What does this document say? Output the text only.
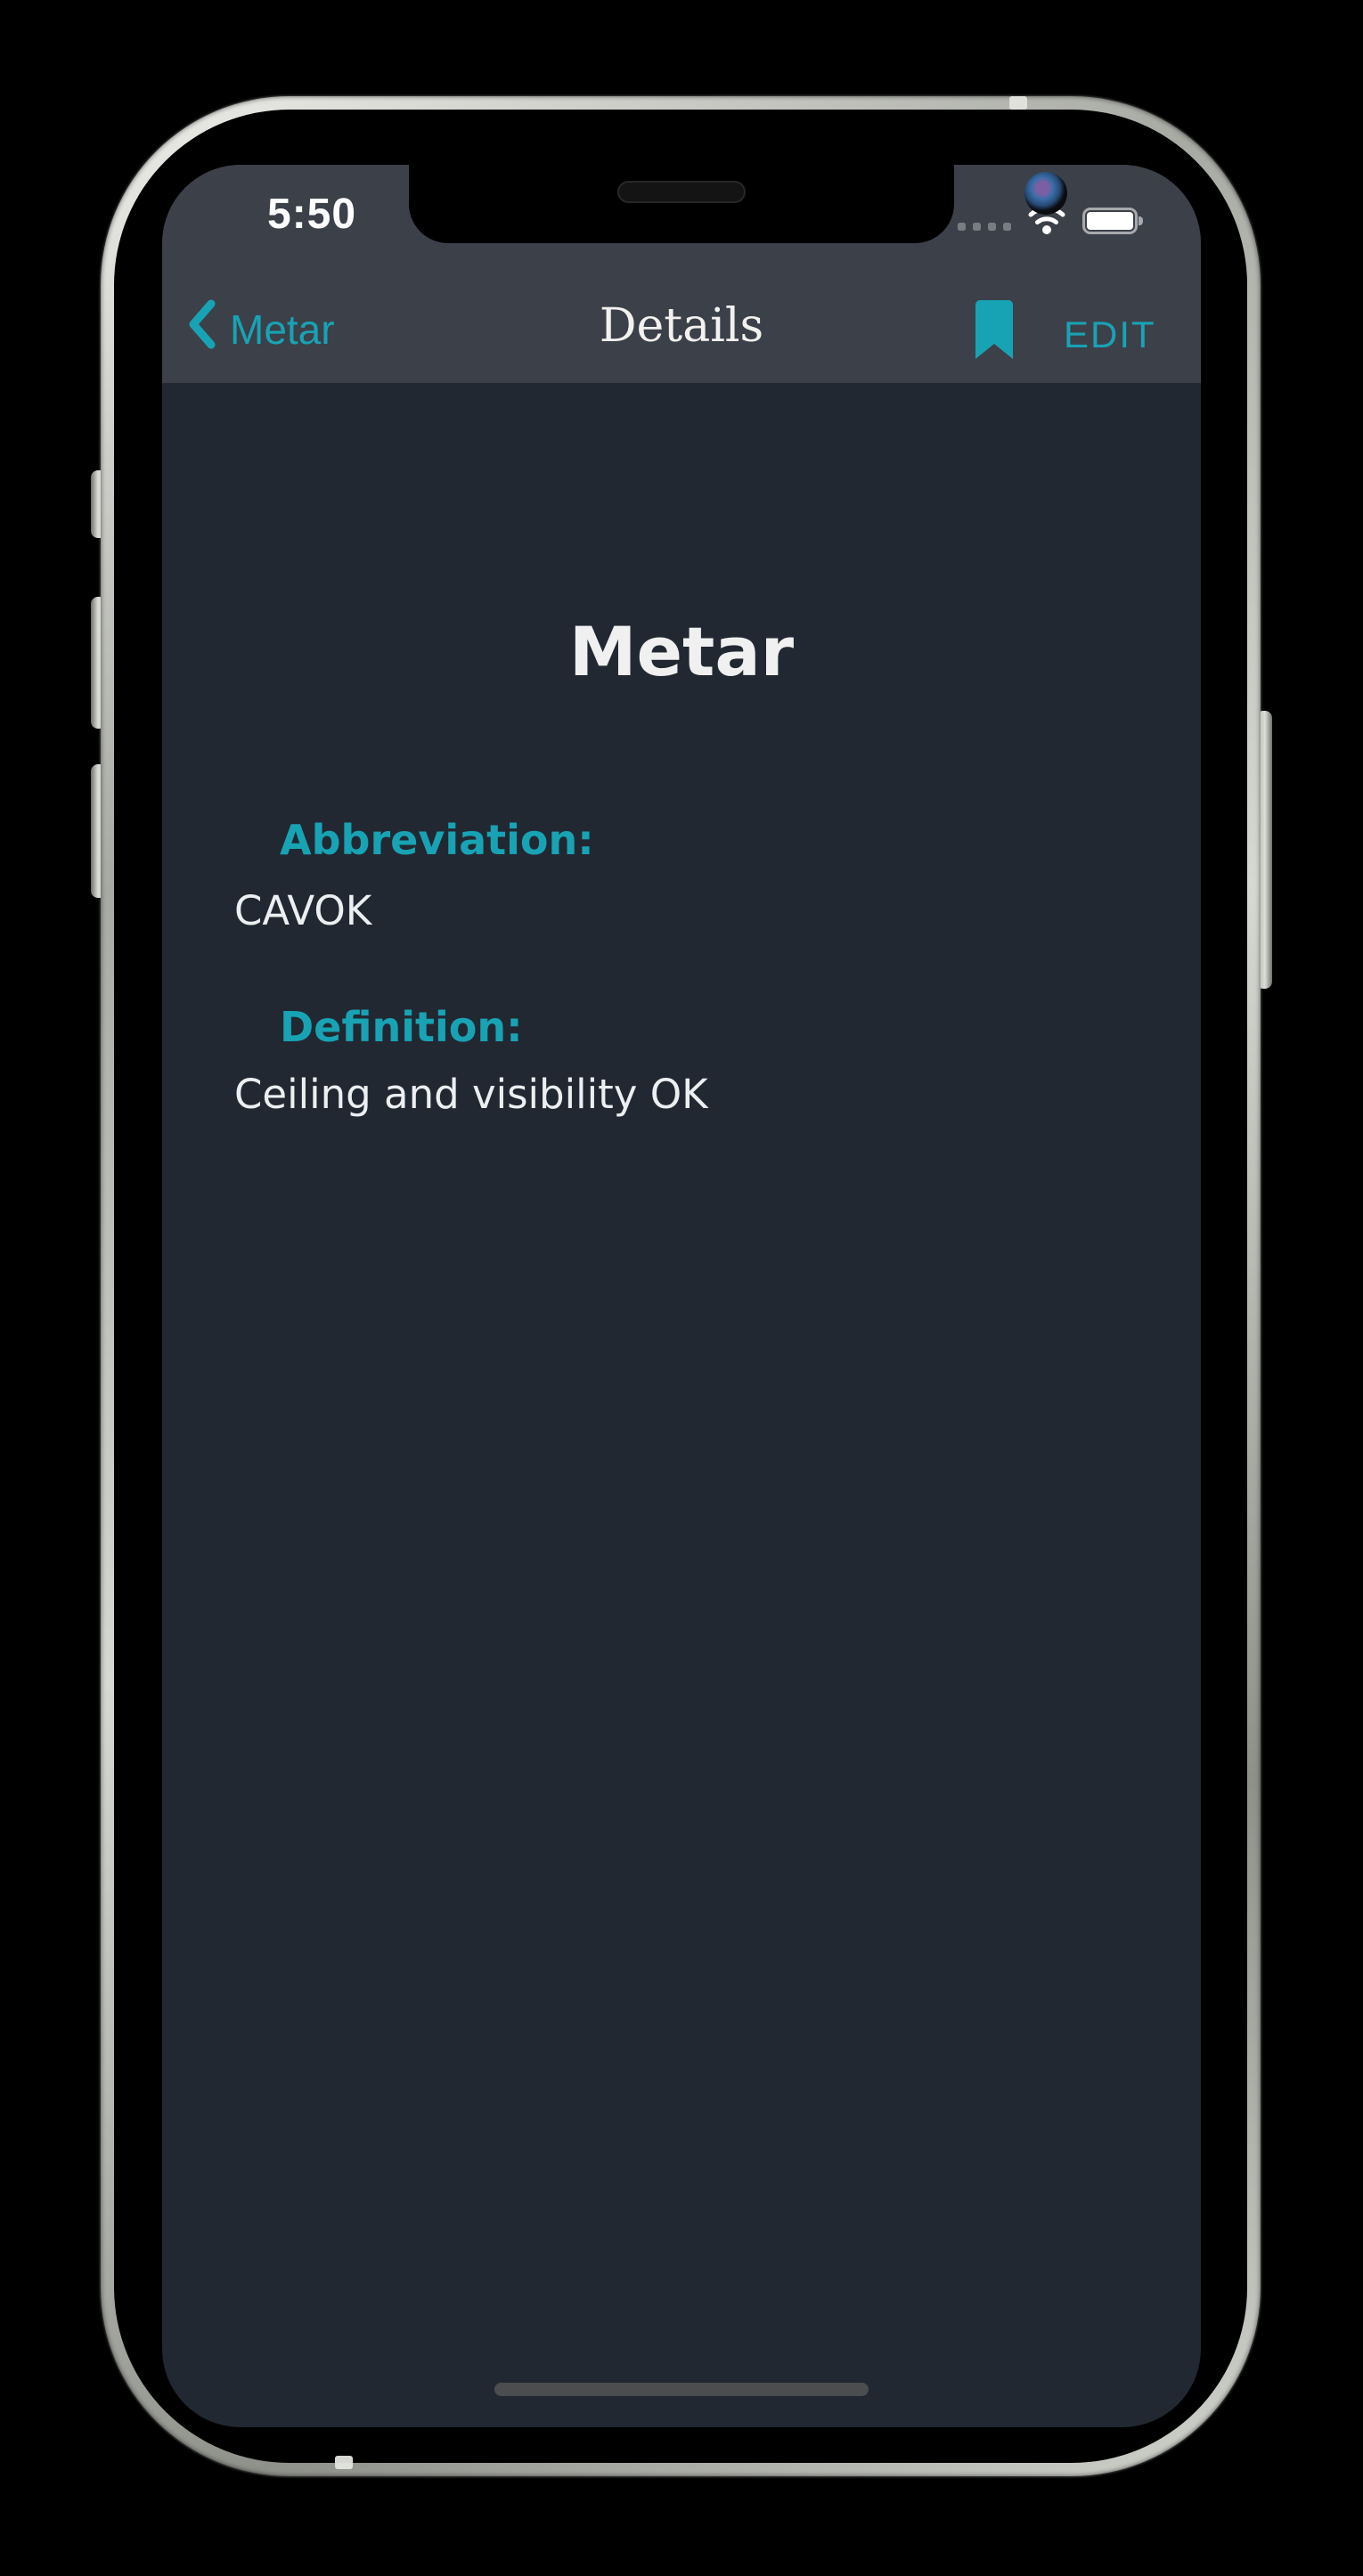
5:50
Metar	Details	EDIT
Metar
Abbreviation:
CAVOK
Definition:
Ceiling and visibility OK
